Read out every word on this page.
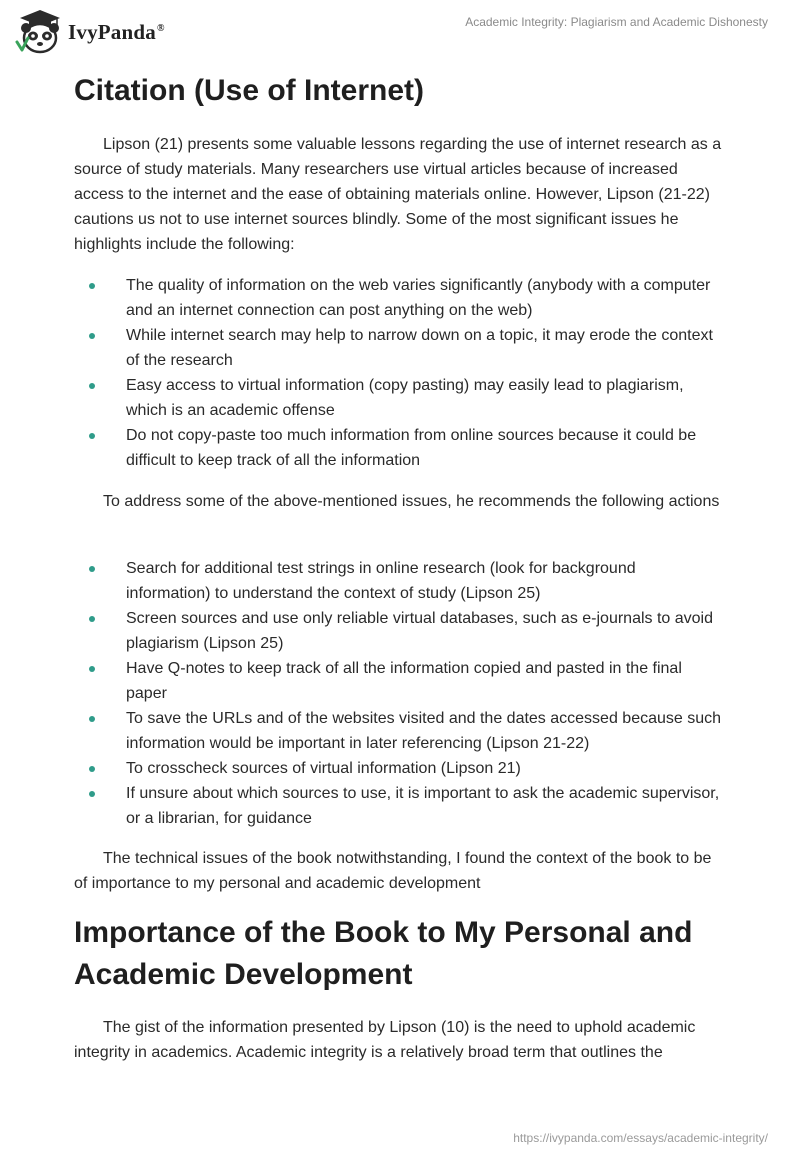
IvyPanda®	Academic Integrity: Plagiarism and Academic Dishonesty
Citation (Use of Internet)

Lipson (21) presents some valuable lessons regarding the use of internet research as a source of study materials. Many researchers use virtual articles because of increased access to the internet and the ease of obtaining materials online. However, Lipson (21-22) cautions us not to use internet sources blindly. Some of the most significant issues he highlights include the following:

The quality of information on the web varies significantly (anybody with a computer and an internet connection can post anything on the web)
While internet search may help to narrow down on a topic, it may erode the context of the research
Easy access to virtual information (copy pasting) may easily lead to plagiarism, which is an academic offense
Do not copy-paste too much information from online sources because it could be difficult to keep track of all the information

To address some of the above-mentioned issues, he recommends the following actions

Search for additional test strings in online research (look for background information) to understand the context of study (Lipson 25)
Screen sources and use only reliable virtual databases, such as e-journals to avoid plagiarism (Lipson 25)
Have Q-notes to keep track of all the information copied and pasted in the final paper
To save the URLs and of the websites visited and the dates accessed because such information would be important in later referencing (Lipson 21-22)
To crosscheck sources of virtual information (Lipson 21)
If unsure about which sources to use, it is important to ask the academic supervisor, or a librarian, for guidance

The technical issues of the book notwithstanding, I found the context of the book to be of importance to my personal and academic development

Importance of the Book to My Personal and Academic Development

The gist of the information presented by Lipson (10) is the need to uphold academic integrity in academics. Academic integrity is a relatively broad term that outlines the

https://ivypanda.com/essays/academic-integrity/
